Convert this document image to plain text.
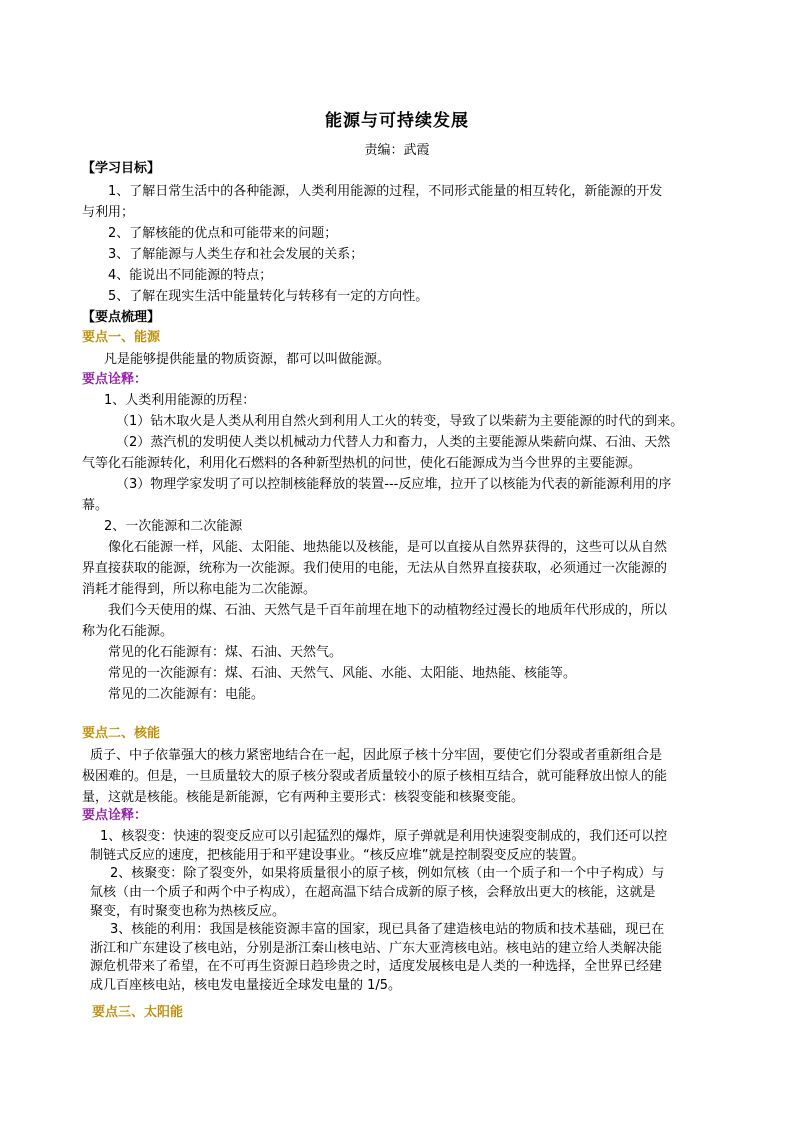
能源与可持续发展
责编：武霞
【学习目标】
1、了解日常生活中的各种能源，人类利用能源的过程，不同形式能量的相互转化，新能源的开发
与利用；
2、了解核能的优点和可能带来的问题；
3、了解能源与人类生存和社会发展的关系；
4、能说出不同能源的特点；
5、了解在现实生活中能量转化与转移有一定的方向性。
【要点梳理】
要点一、能源
凡是能够提供能量的物质资源，都可以叫做能源。
要点诠释：
1、人类利用能源的历程：
（1）钻木取火是人类从利用自然火到利用人工火的转变，导致了以柴薪为主要能源的时代的到来。
（2）蒸汽机的发明使人类以机械动力代替人力和畜力，人类的主要能源从柴薪向煤、石油、天然
气等化石能源转化，利用化石燃料的各种新型热机的问世，使化石能源成为当今世界的主要能源。
（3）物理学家发明了可以控制核能释放的装置---反应堆，拉开了以核能为代表的新能源利用的序
幕。
2、一次能源和二次能源
像化石能源一样，风能、太阳能、地热能以及核能，是可以直接从自然界获得的，这些可以从自然
界直接获取的能源，统称为一次能源。我们使用的电能，无法从自然界直接获取，必须通过一次能源的
消耗才能得到，所以称电能为二次能源。
我们今天使用的煤、石油、天然气是千百年前埋在地下的动植物经过漫长的地质年代形成的，所以
称为化石能源。
常见的化石能源有：煤、石油、天然气。
常见的一次能源有：煤、石油、天然气、风能、水能、太阳能、地热能、核能等。
常见的二次能源有：电能。
要点二、核能
质子、中子依靠强大的核力紧密地结合在一起，因此原子核十分牢固，要使它们分裂或者重新组合是
极困难的。但是，一旦质量较大的原子核分裂或者质量较小的原子核相互结合，就可能释放出惊人的能
量，这就是核能。核能是新能源，它有两种主要形式：核裂变能和核聚变能。
要点诠释：
1、核裂变：快速的裂变反应可以引起猛烈的爆炸，原子弹就是利用快速裂变制成的，我们还可以控
制链式反应的速度，把核能用于和平建设事业。“核反应堆”就是控制裂变反应的装置。
2、核聚变：除了裂变外，如果将质量很小的原子核，例如氘核（由一个质子和一个中子构成）与
氚核（由一个质子和两个中子构成），在超高温下结合成新的原子核，会释放出更大的核能，这就是
聚变，有时聚变也称为热核反应。
3、核能的利用：我国是核能资源丰富的国家，现已具备了建造核电站的物质和技术基础，现已在
浙江和广东建设了核电站，分别是浙江秦山核电站、广东大亚湾核电站。核电站的建立给人类解决能
源危机带来了希望，在不可再生资源日趋珍贵之时，适度发展核电是人类的一种选择，全世界已经建
成几百座核电站，核电发电量接近全球发电量的 1/5。
要点三、太阳能
